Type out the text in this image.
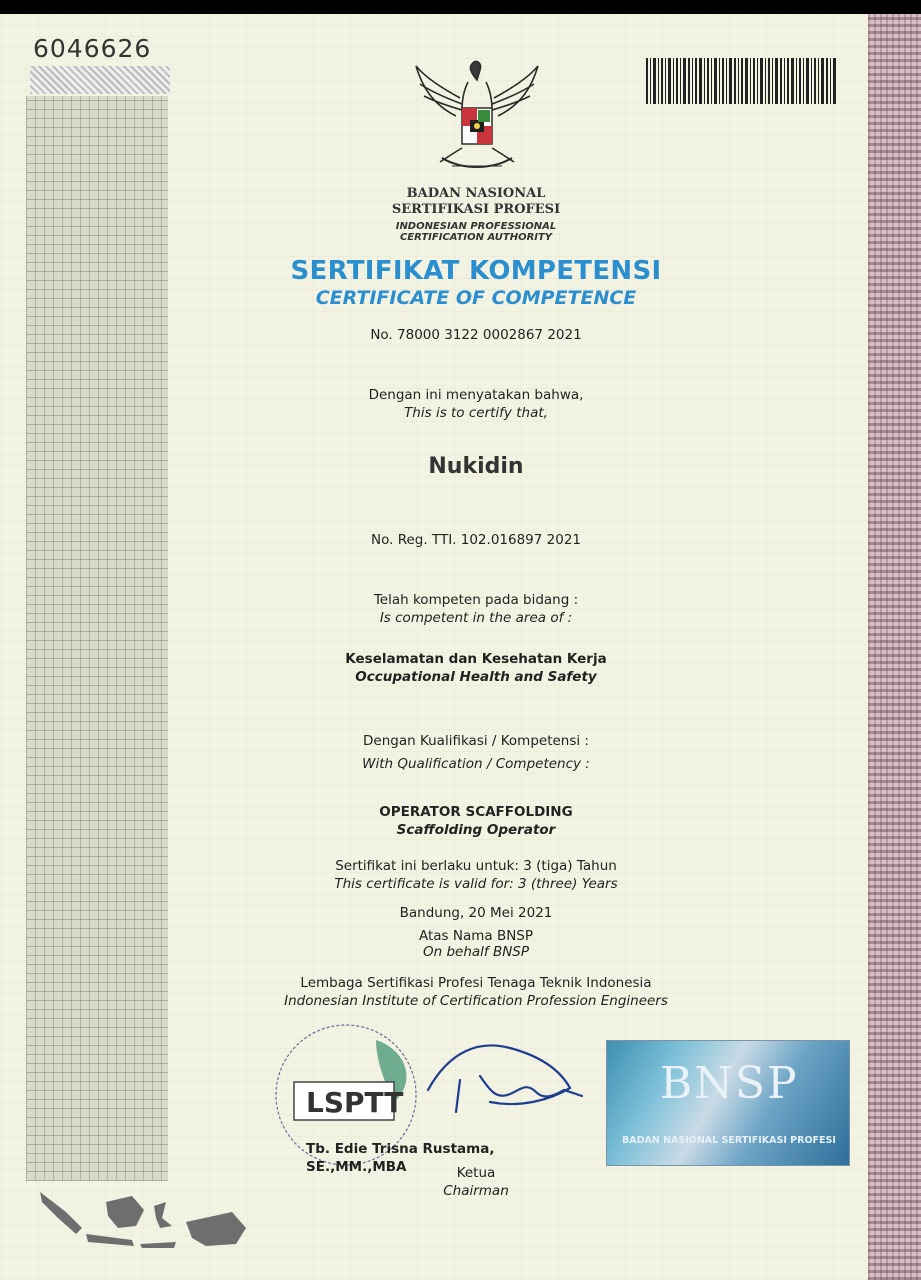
6046626
BADAN NASIONAL
SERTIFIKASI PROFESI
INDONESIAN PROFESSIONAL
CERTIFICATION AUTHORITY
SERTIFIKAT KOMPETENSI
CERTIFICATE OF COMPETENCE
No. 78000 3122 0002867 2021
Dengan ini menyatakan bahwa,
This is to certify that,
Nukidin
No. Reg. TTI. 102.016897 2021
Telah kompeten pada bidang :
Is competent in the area of :
Keselamatan dan Kesehatan Kerja
Occupational Health and Safety
Dengan Kualifikasi / Kompetensi :
With Qualification / Competency :
OPERATOR SCAFFOLDING
Scaffolding Operator
Sertifikat ini berlaku untuk: 3 (tiga) Tahun
This certificate is valid for: 3 (three) Years
Bandung, 20 Mei 2021
Atas Nama BNSP
On behalf BNSP
Lembaga Sertifikasi Profesi Tenaga Teknik Indonesia
Indonesian Institute of Certification Profession Engineers
LSPTT
Tb. Edie Trisna Rustama, SE.,MM.,MBA	Ketua
Chairman
BNSP
BADAN NASIONAL SERTIFIKASI PROFESI
